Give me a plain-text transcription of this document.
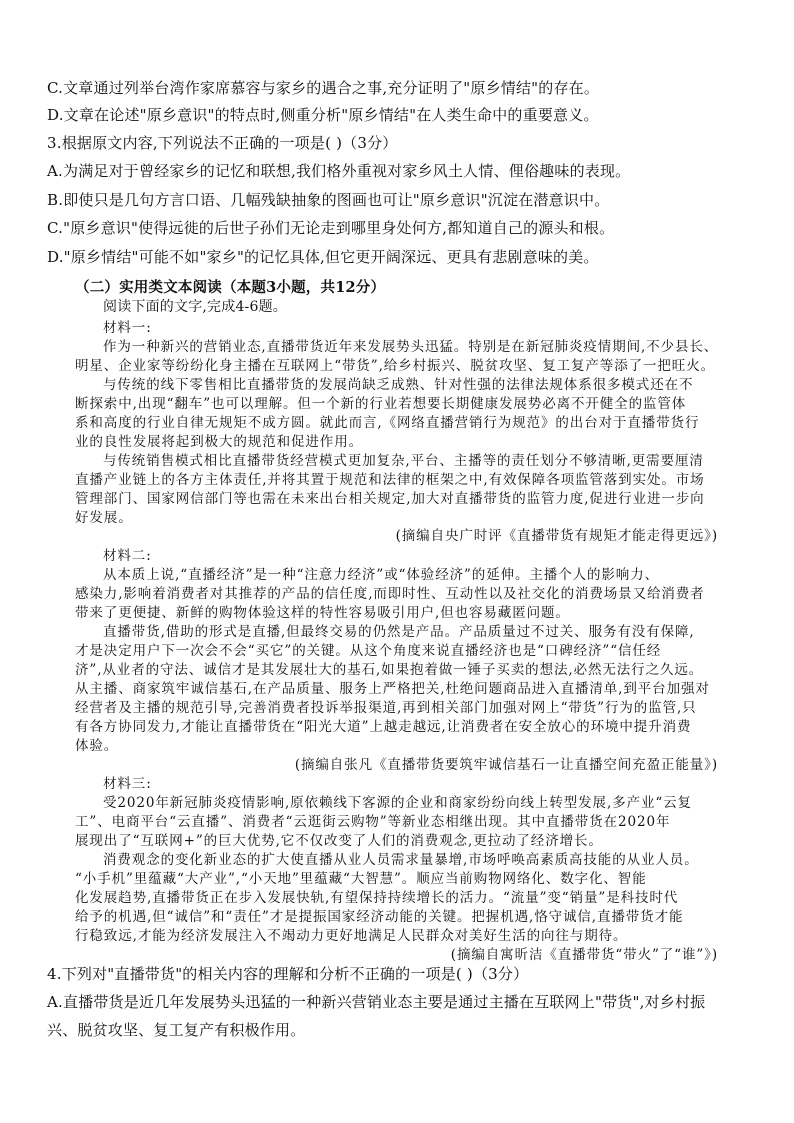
C.文章通过列举台湾作家席慕容与家乡的遇合之事,充分证明了"原乡情结"的存在。
D.文章在论述"原乡意识"的特点时,侧重分析"原乡情结"在人类生命中的重要意义。
3.根据原文内容,下列说法不正确的一项是( )（3分）
A.为满足对于曾经家乡的记忆和联想,我们格外重视对家乡风土人情、俚俗趣味的表现。
B.即使只是几句方言口语、几幅残缺抽象的图画也可让"原乡意识"沉淀在潜意识中。
C."原乡意识"使得远徙的后世子孙们无论走到哪里身处何方,都知道自己的源头和根。
D."原乡情结"可能不如"家乡"的记忆具体,但它更开阔深远、更具有悲剧意味的美。
（二）实用类文本阅读（本题3小题，共12分）
阅读下面的文字,完成4-6题。
材料一:
作为一种新兴的营销业态,直播带货近年来发展势头迅猛。特别是在新冠肺炎疫情期间,不少县长、
明星、企业家等纷纷化身主播在互联网上“带货”,给乡村振兴、脱贫攻坚、复工复产等添了一把旺火。
与传统的线下零售相比直播带货的发展尚缺乏成熟、针对性强的法律法规体系很多模式还在不
断探索中,出现“翻车”也可以理解。但一个新的行业若想要长期健康发展势必离不开健全的监管体
系和高度的行业自律无规矩不成方圆。就此而言,《网络直播营销行为规范》的出台对于直播带货行
业的良性发展将起到极大的规范和促进作用。
与传统销售模式相比直播带货经营模式更加复杂,平台、主播等的责任划分不够清晰,更需要厘清
直播产业链上的各方主体责任,并将其置于规范和法律的框架之中,有效保障各项监管落到实处。市场
管理部门、国家网信部门等也需在未来出台相关规定,加大对直播带货的监管力度,促进行业进一步向
好发展。
(摘编自央广时评《直播带货有规矩才能走得更远》)
材料二:
从本质上说,“直播经济”是一种“注意力经济”或“体验经济”的延伸。主播个人的影响力、
感染力,影响着消费者对其推荐的产品的信任度,而即时性、互动性以及社交化的消费场景又给消费者
带来了更便捷、新鲜的购物体验这样的特性容易吸引用户,但也容易藏匿问题。
直播带货,借助的形式是直播,但最终交易的仍然是产品。产品质量过不过关、服务有没有保障,
才是决定用户下一次会不会“买它”的关键。从这个角度来说直播经济也是“口碑经济”“信任经
济”,从业者的守法、诚信才是其发展壮大的基石,如果抱着做一锤子买卖的想法,必然无法行之久远。
从主播、商家筑牢诚信基石,在产品质量、服务上严格把关,杜绝问题商品进入直播清单,到平台加强对
经营者及主播的规范引导,完善消费者投诉举报渠道,再到相关部门加强对网上“带货”行为的监管,只
有各方协同发力,才能让直播带货在“阳光大道”上越走越远,让消费者在安全放心的环境中提升消费
体验。
(摘编自张凡《直播带货要筑牢诚信基石一让直播空间充盈正能量》)
材料三:
受2020年新冠肺炎疫情影响,原依赖线下客源的企业和商家纷纷向线上转型发展,多产业“云复
工”、电商平台“云直播”、消费者“云逛街云购物”等新业态相继出现。其中直播带货在2020年
展现出了“互联网+”的巨大优势,它不仅改变了人们的消费观念,更拉动了经济增长。
消费观念的变化新业态的扩大使直播从业人员需求量暴增,市场呼唤高素质高技能的从业人员。
“小手机”里蕴藏“大产业”,“小天地”里蕴藏“大智慧”。顺应当前购物网络化、数字化、智能
化发展趋势,直播带货正在步入发展快轨,有望保持持续增长的活力。“流量”变“销量”是科技时代
给予的机遇,但“诚信”和“责任”才是提振国家经济动能的关键。把握机遇,恪守诚信,直播带货才能
行稳致远,才能为经济发展注入不竭动力更好地满足人民群众对美好生活的向往与期待。
(摘编自寓昕洁《直播带货“带火”了“谁”》)
4.下列对"直播带货"的相关内容的理解和分析不正确的一项是( )（3分）
A.直播带货是近几年发展势头迅猛的一种新兴营销业态主要是通过主播在互联网上"带货",对乡村振
兴、脱贫攻坚、复工复产有积极作用。
